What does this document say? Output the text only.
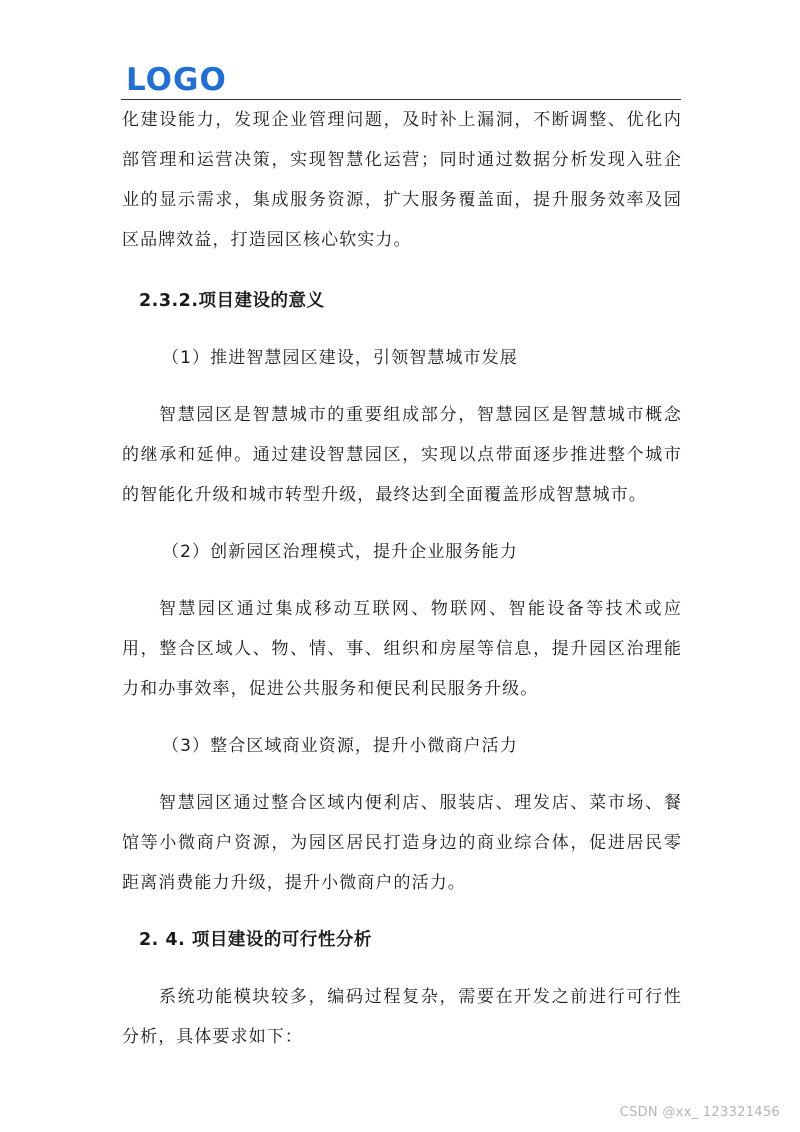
LOGO

化建设能力，发现企业管理问题，及时补上漏洞，不断调整、优化内部管理和运营决策，实现智慧化运营；同时通过数据分析发现入驻企业的显示需求，集成服务资源，扩大服务覆盖面，提升服务效率及园区品牌效益，打造园区核心软实力。

2.3.2.项目建设的意义

（1）推进智慧园区建设，引领智慧城市发展

智慧园区是智慧城市的重要组成部分，智慧园区是智慧城市概念的继承和延伸。通过建设智慧园区，实现以点带面逐步推进整个城市的智能化升级和城市转型升级，最终达到全面覆盖形成智慧城市。

（2）创新园区治理模式，提升企业服务能力

智慧园区通过集成移动互联网、物联网、智能设备等技术或应用，整合区域人、物、情、事、组织和房屋等信息，提升园区治理能力和办事效率，促进公共服务和便民利民服务升级。

（3）整合区域商业资源，提升小微商户活力

智慧园区通过整合区域内便利店、服装店、理发店、菜市场、餐馆等小微商户资源，为园区居民打造身边的商业综合体，促进居民零距离消费能力升级，提升小微商户的活力。

2. 4. 项目建设的可行性分析

系统功能模块较多，编码过程复杂，需要在开发之前进行可行性分析，具体要求如下：

CSDN @xx_ 123321456
